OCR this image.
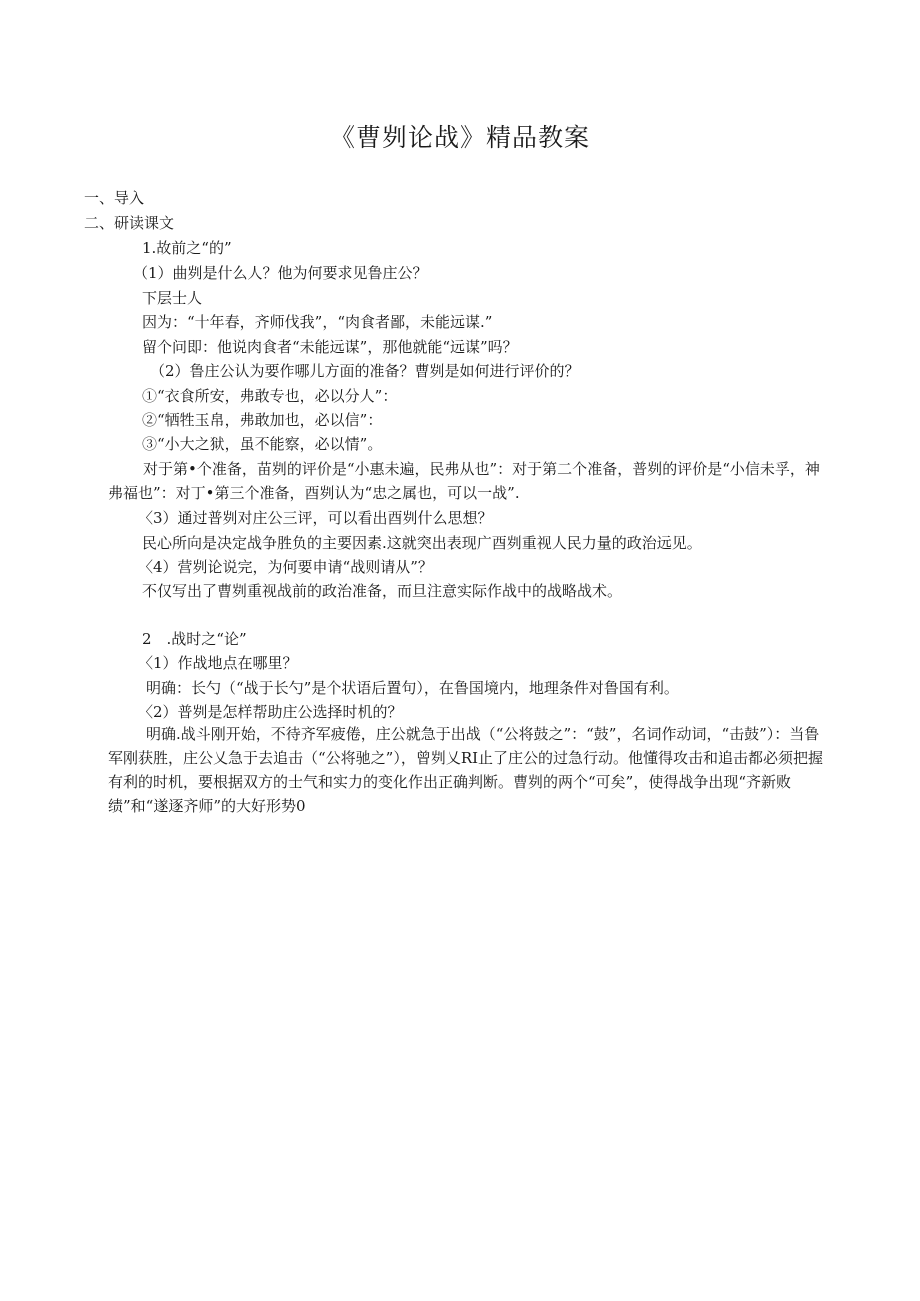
《曹刿论战》精品教案
一、导入
二、研读课文
1.故前之“的”
（1）曲刿是什么人？他为何要求见鲁庄公？
下层士人
因为：“十年春，齐师伐我”，“肉食者鄙，未能远谋.”
留个问即：他说肉食者“未能远谋”，那他就能“远谋”吗？
（2）鲁庄公认为要作哪儿方面的准备？曹刿是如何进行评价的？
①“衣食所安，弗敢专也，必以分人”：
②“牺牲玉帛，弗敢加也，必以信”：
③“小大之狱，虽不能察，必以情”。
对于第•个准备，苗刿的评价是“小惠未遍，民弗从也”：对于第二个准备，普刿的评价是“小信未孚，神弗福也”：对丁•第三个准备，酉刿认为“忠之属也，可以一战”.
〈3）通过普刿对庄公三评，可以看出酉刿什么思想？
民心所向是决定战争胜负的主要因素.这就突出表现广酉刿重视人民力量的政治远见。
〈4）营刿论说完，为何要申请“战则请从”？
不仅写出了曹刿重视战前的政治准备，而旦注意实际作战中的战略战术。
2　.战时之“论”
〈1）作战地点在哪里？
明确：长勺（“战于长勺”是个状语后置句），在鲁国境内，地理条件对鲁国有利。
〈2）普刿是怎样帮助庄公选择时机的？
明确.战斗刚开始，不待齐军疲倦，庄公就急于出战（“公将鼓之”：“鼓”，名词作动词，“击鼓”）：当鲁军刚获胜，庄公乂急于去追击（“公将驰之”），曾刿乂RI止了庄公的过急行动。他懂得攻击和追击都必须把握有利的时机，要根据双方的士气和实力的变化作出正确判断。曹刿的两个“可矣”，使得战争出现“齐新败绩”和“遂逐齐师”的大好形势0
